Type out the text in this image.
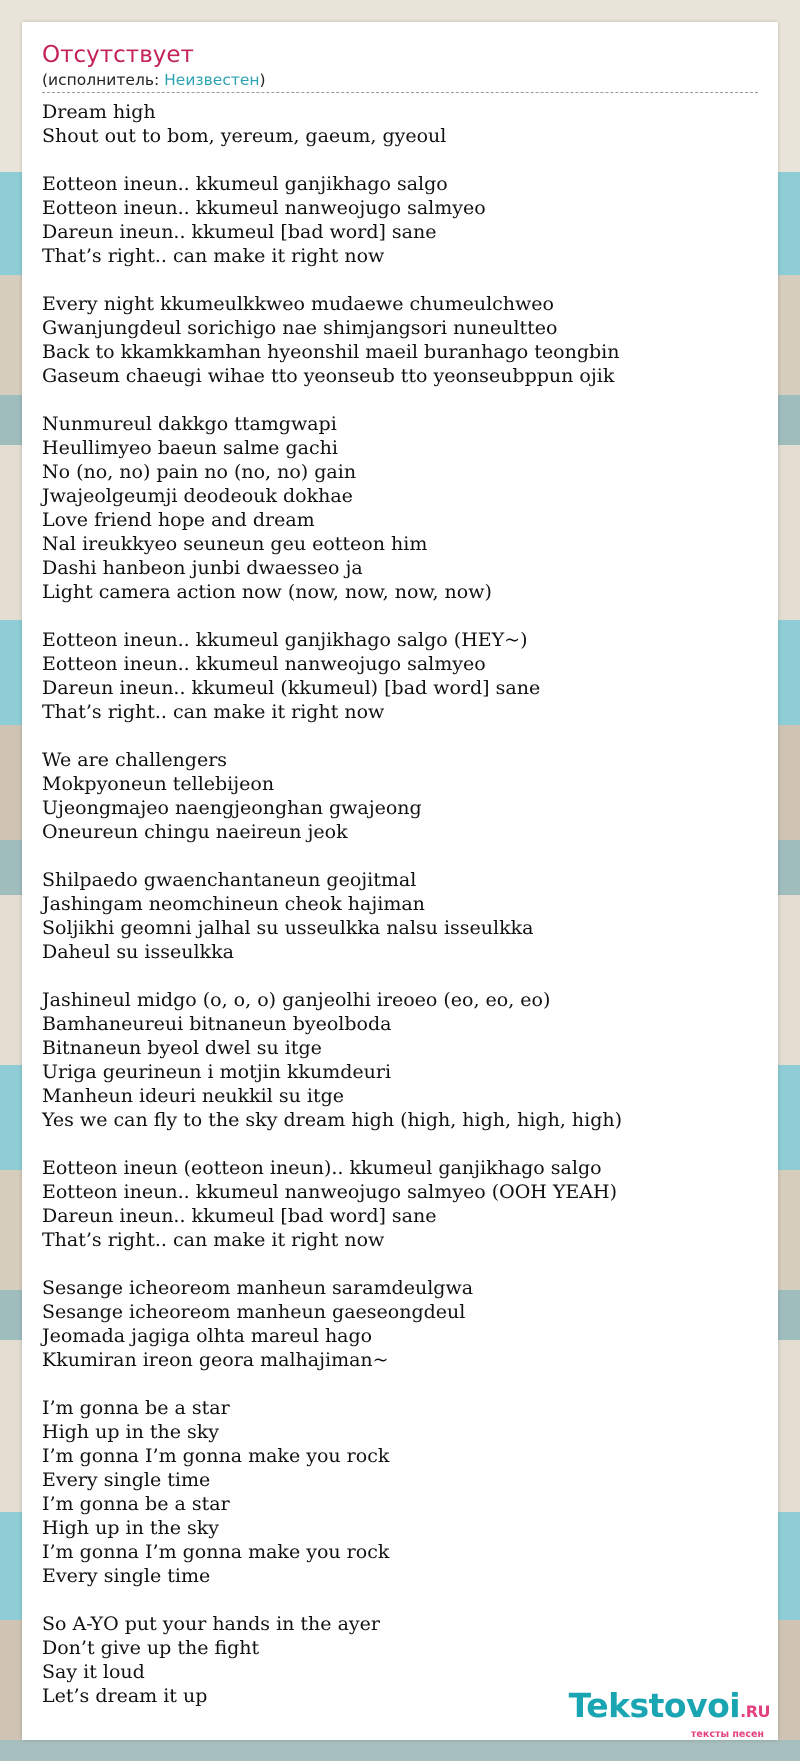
Отсутствует
(исполнитель: Неизвестен)
Dream high
Shout out to bom, yereum, gaeum, gyeoul
Eotteon ineun.. kkumeul ganjikhago salgo
Eotteon ineun.. kkumeul nanweojugo salmyeo
Dareun ineun.. kkumeul [bad word] sane
That’s right.. can make it right now
Every night kkumeulkkweo mudaewe chumeulchweo
Gwanjungdeul sorichigo nae shimjangsori nuneultteo
Back to kkamkkamhan hyeonshil maeil buranhago teongbin
Gaseum chaeugi wihae tto yeonseub tto yeonseubppun ojik
Nunmureul dakkgo ttamgwapi
Heullimyeo baeun salme gachi
No (no, no) pain no (no, no) gain
Jwajeolgeumji deodeouk dokhae
Love friend hope and dream
Nal ireukkyeo seuneun geu eotteon him
Dashi hanbeon junbi dwaesseo ja
Light camera action now (now, now, now, now)
Eotteon ineun.. kkumeul ganjikhago salgo (HEY~)
Eotteon ineun.. kkumeul nanweojugo salmyeo
Dareun ineun.. kkumeul (kkumeul) [bad word] sane
That’s right.. can make it right now
We are challengers
Mokpyoneun tellebijeon
Ujeongmajeo naengjeonghan gwajeong
Oneureun chingu naeireun jeok
Shilpaedo gwaenchantaneun geojitmal
Jashingam neomchineun cheok hajiman
Soljikhi geomni jalhal su usseulkka nalsu isseulkka
Daheul su isseulkka
Jashineul midgo (o, o, o) ganjeolhi ireoeo (eo, eo, eo)
Bamhaneureui bitnaneun byeolboda
Bitnaneun byeol dwel su itge
Uriga geurineun i motjin kkumdeuri
Manheun ideuri neukkil su itge
Yes we can fly to the sky dream high (high, high, high, high)
Eotteon ineun (eotteon ineun).. kkumeul ganjikhago salgo
Eotteon ineun.. kkumeul nanweojugo salmyeo (OOH YEAH)
Dareun ineun.. kkumeul [bad word] sane
That’s right.. can make it right now
Sesange icheoreom manheun saramdeulgwa
Sesange icheoreom manheun gaeseongdeul
Jeomada jagiga olhta mareul hago
Kkumiran ireon geora malhajiman~
I’m gonna be a star
High up in the sky
I’m gonna I’m gonna make you rock
Every single time
I’m gonna be a star
High up in the sky
I’m gonna I’m gonna make you rock
Every single time
So A-YO put your hands in the ayer
Don’t give up the fight
Say it loud
Let’s dream it up	Tekstovoi.RU
тексты песен
